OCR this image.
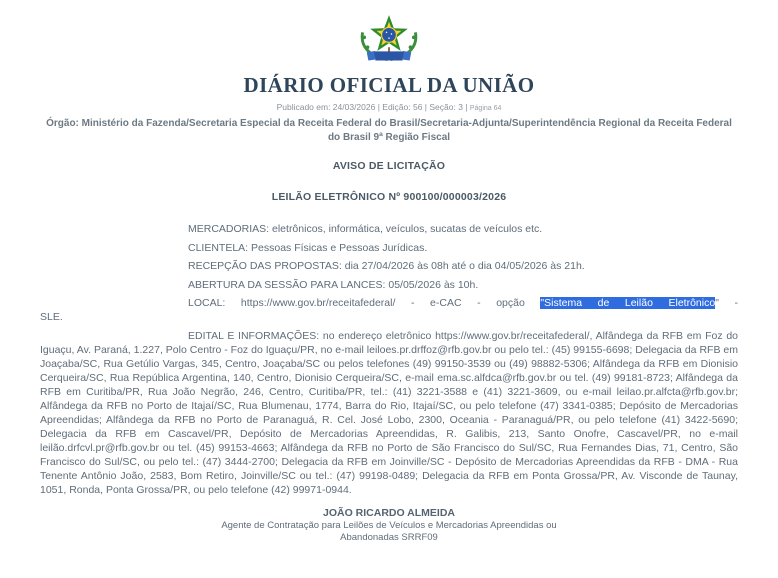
DIÁRIO OFICIAL DA UNIÃO
Publicado em: 24/03/2026 | Edição: 56 | Seção: 3 | Página 64
Órgão: Ministério da Fazenda/Secretaria Especial da Receita Federal do Brasil/Secretaria-Adjunta/Superintendência Regional da Receita Federal do Brasil 9ª Região Fiscal
AVISO DE LICITAÇÃO
LEILÃO ELETRÔNICO Nº 900100/000003/2026

MERCADORIAS: eletrônicos, informática, veículos, sucatas de veículos etc.

CLIENTELA: Pessoas Físicas e Pessoas Jurídicas.

RECEPÇÃO DAS PROPOSTAS: dia 27/04/2026 às 08h até o dia 04/05/2026 às 21h.

ABERTURA DA SESSÃO PARA LANCES: 05/05/2026 às 10h.

LOCAL: https://www.gov.br/receitafederal/ - e-CAC - opção "Sistema de Leilão Eletrônico" -
SLE.

EDITAL E INFORMAÇÕES: no endereço eletrônico https://www.gov.br/receitafederal/, Alfândega da RFB em Foz do Iguaçu, Av. Paraná, 1.227, Polo Centro - Foz do Iguaçu/PR, no e-mail leiloes.pr.drffoz@rfb.gov.br ou pelo tel.: (45) 99155-6698; Delegacia da RFB em Joaçaba/SC, Rua Getúlio Vargas, 345, Centro, Joaçaba/SC ou pelos telefones (49) 99150-3539 ou (49) 98882-5306; Alfândega da RFB em Dionisio Cerqueira/SC, Rua República Argentina, 140, Centro, Dionisio Cerqueira/SC, e-mail ema.sc.alfdca@rfb.gov.br ou tel. (49) 99181-8723; Alfândega da RFB em Curitiba/PR, Rua João Negrão, 246, Centro, Curitiba/PR, tel.: (41) 3221-3588 e (41) 3221-3609, ou e-mail leilao.pr.alfcta@rfb.gov.br; Alfândega da RFB no Porto de Itajaí/SC, Rua Blumenau, 1774, Barra do Rio, Itajaí/SC, ou pelo telefone (47) 3341-0385; Depósito de Mercadorias Apreendidas; Alfândega da RFB no Porto de Paranaguá, R. Cel. José Lobo, 2300, Oceania - Paranaguá/PR, ou pelo telefone (41) 3422-5690; Delegacia da RFB em Cascavel/PR, Depósito de Mercadorias Apreendidas, R. Galibis, 213, Santo Onofre, Cascavel/PR, no e-mail leilão.drfcvl.pr@rfb.gov.br ou tel. (45) 99153-4663; Alfândega da RFB no Porto de São Francisco do Sul/SC, Rua Fernandes Dias, 71, Centro, São Francisco do Sul/SC, ou pelo tel.: (47) 3444-2700; Delegacia da RFB em Joinville/SC - Depósito de Mercadorias Apreendidas da RFB - DMA - Rua Tenente Antônio João, 2583, Bom Retiro, Joinville/SC ou tel.: (47) 99198-0489; Delegacia da RFB em Ponta Grossa/PR, Av. Visconde de Taunay, 1051, Ronda, Ponta Grossa/PR, ou pelo telefone (42) 99971-0944.

JOÃO RICARDO ALMEIDA
Agente de Contratação para Leilões de Veículos e Mercadorias Apreendidas ou Abandonadas SRRF09
